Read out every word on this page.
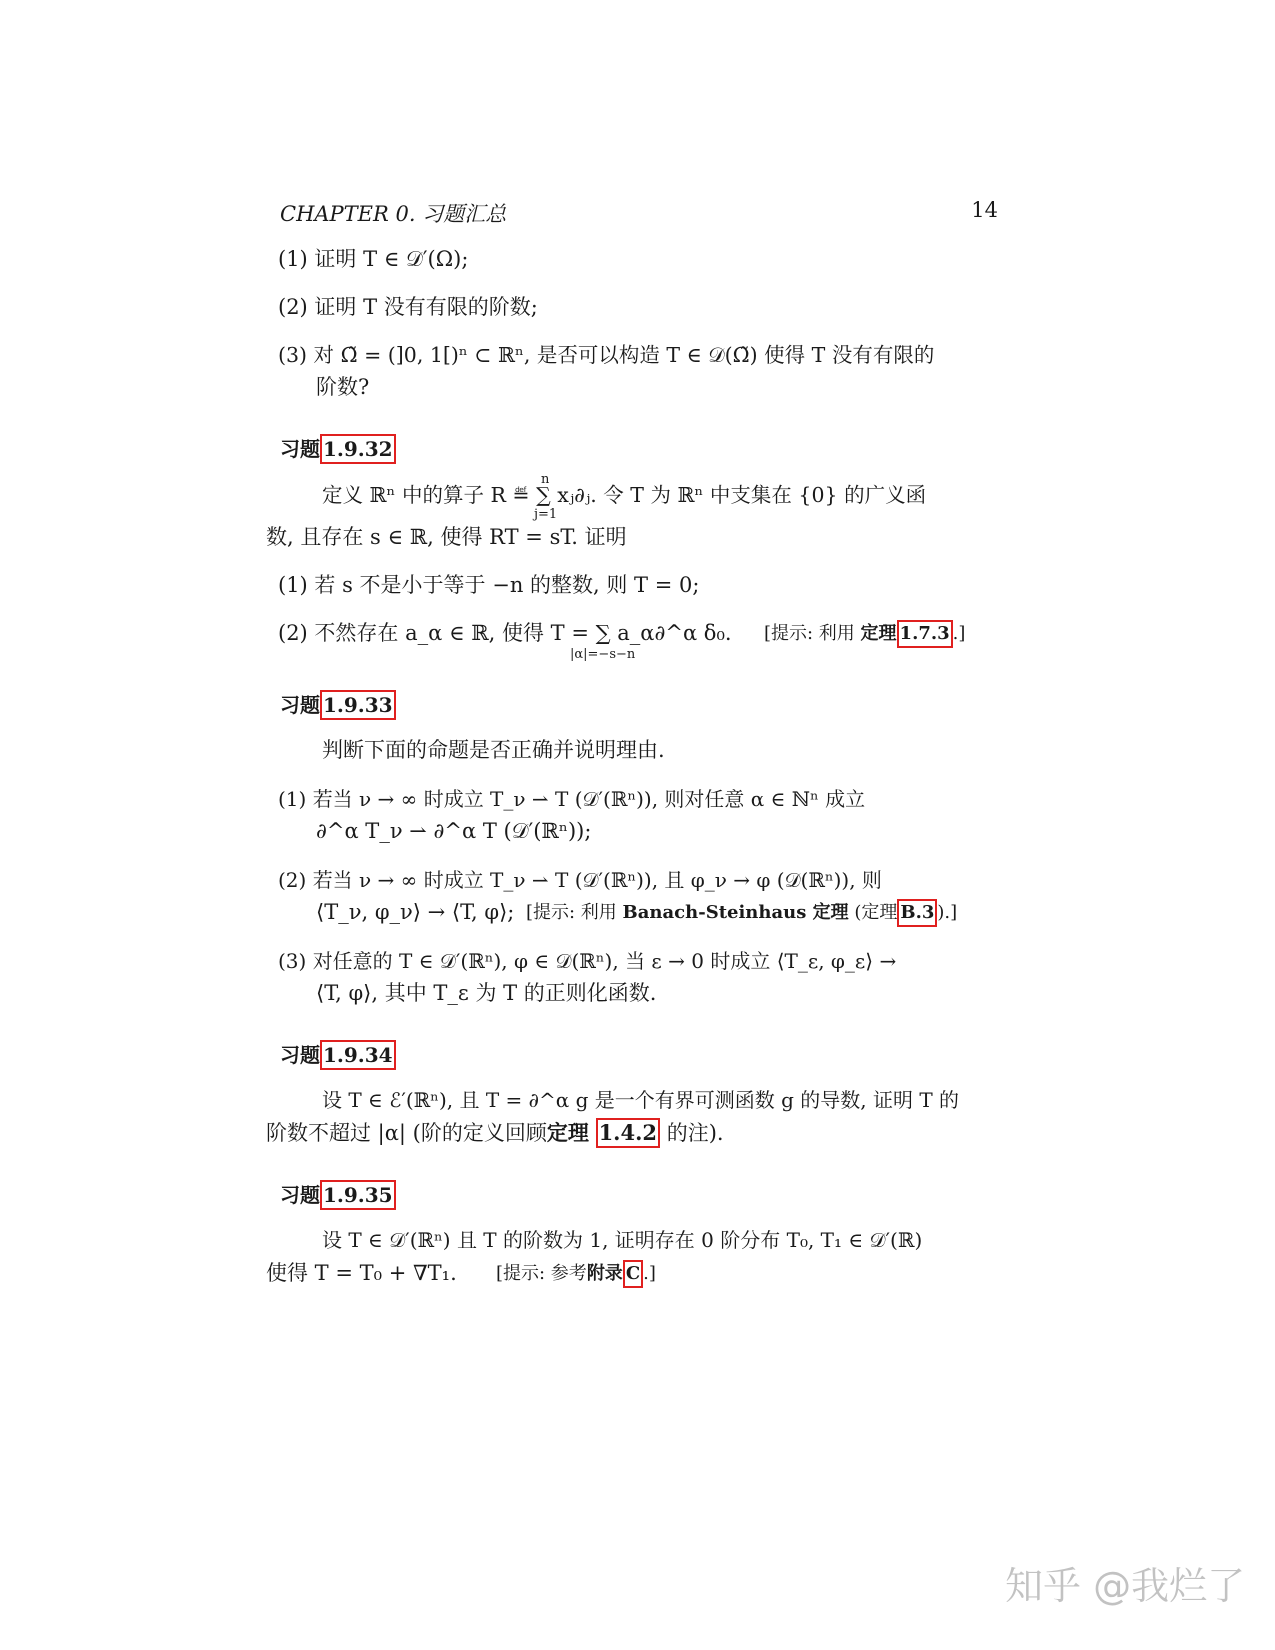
CHAPTER 0. 习题汇总	14
(1) 证明 T ∈ 𝒟′(Ω);
(2) 证明 T 没有有限的阶数;
(3) 对 Ω̃ = (]0, 1[)ⁿ ⊂ ℝⁿ, 是否可以构造 T ∈ 𝒟(Ω̃) 使得 T 没有有限的
阶数?
习题 1.9.32
定义 ℝⁿ 中的算子 R ≝ ∑ xⱼ∂ⱼ. 令 T 为 ℝⁿ 中支集在 {0} 的广义函
n
j=1
数, 且存在 s ∈ ℝ, 使得 RT = sT. 证明
(1) 若 s 不是小于等于 −n 的整数, 则 T = 0;
(2) 不然存在 a_α ∈ ℝ, 使得 T = ∑ a_α∂^α δ₀.
|α|=−s−n
[提示: 利用 定理 1.7.3 .]
习题 1.9.33
判断下面的命题是否正确并说明理由.
(1) 若当 ν → ∞ 时成立 T_ν ⇀ T (𝒟′(ℝⁿ)), 则对任意 α ∈ ℕⁿ 成立
∂^α T_ν ⇀ ∂^α T (𝒟′(ℝⁿ));
(2) 若当 ν → ∞ 时成立 T_ν ⇀ T (𝒟′(ℝⁿ)), 且 φ_ν → φ (𝒟(ℝⁿ)), 则
⟨T_ν, φ_ν⟩ → ⟨T, φ⟩; [提示: 利用 Banach-Steinhaus 定理 (定理 B.3 ).]
(3) 对任意的 T ∈ 𝒟′(ℝⁿ), φ ∈ 𝒟(ℝⁿ), 当 ε → 0 时成立 ⟨T_ε, φ_ε⟩ →
⟨T, φ⟩, 其中 T_ε 为 T 的正则化函数.
习题 1.9.34
设 T ∈ ℰ′(ℝⁿ), 且 T = ∂^α g 是一个有界可测函数 g 的导数, 证明 T 的
阶数不超过 |α| (阶的定义回顾定理 1.4.2 的注).
习题 1.9.35
设 T ∈ 𝒟′(ℝⁿ) 且 T 的阶数为 1, 证明存在 0 阶分布 T₀, T₁ ∈ 𝒟′(ℝ)
使得 T = T₀ + ∇T₁. [提示: 参考附录 C .]
知乎 @我烂了
